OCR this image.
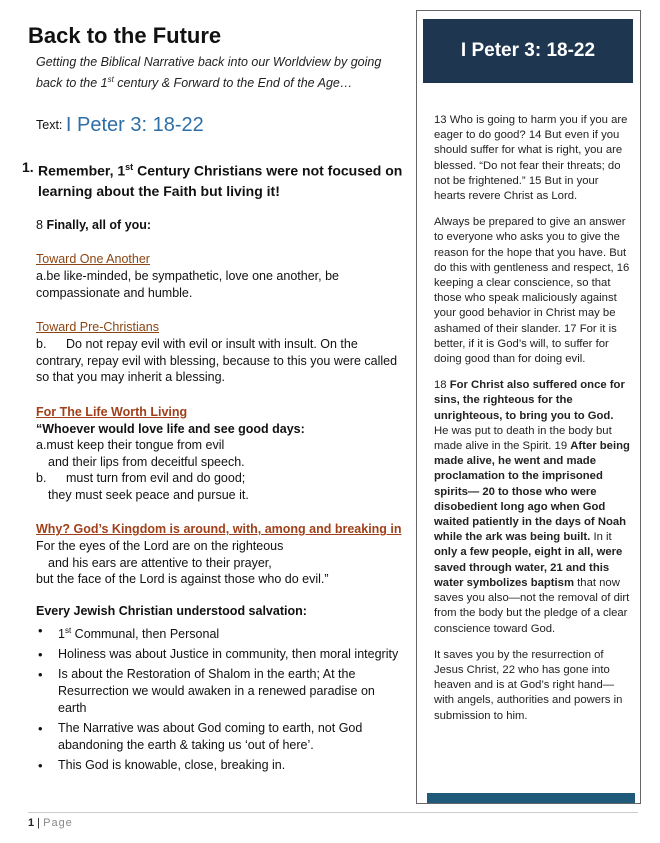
Back to the Future
Getting the Biblical Narrative back into our Worldview by going
back to the 1st century & Forward to the End of the Age…
Text: I Peter 3: 18-22
1. Remember, 1st Century Christians were not focused on learning about the Faith but living it!
8 Finally, all of you:
Toward One Another
a.be like-minded, be sympathetic, love one another, be compassionate and humble.
Toward Pre-Christians
b. Do not repay evil with evil or insult with insult. On the contrary, repay evil with blessing, because to this you were called so that you may inherit a blessing.
For The Life Worth Living
“Whoever would love life and see good days:
a.must keep their tongue from evil
and their lips from deceitful speech.
b. must turn from evil and do good;
they must seek peace and pursue it.
Why? God’s Kingdom is around, with, among and breaking in
For the eyes of the Lord are on the righteous
and his ears are attentive to their prayer,
but the face of the Lord is against those who do evil.”
Every Jewish Christian understood salvation:
• 1st Communal, then Personal
• Holiness was about Justice in community, then moral integrity
• Is about the Restoration of Shalom in the earth; At the Resurrection we would awaken in a renewed paradise on earth
• The Narrative was about God coming to earth, not God abandoning the earth & taking us ‘out of here’.
• This God is knowable, close, breaking in.
I Peter 3: 18-22

13 Who is going to harm you if you are eager to do good? 14 But even if you should suffer for what is right, you are blessed. “Do not fear their threats; do not be frightened.” 15 But in your hearts revere Christ as Lord.

Always be prepared to give an answer to everyone who asks you to give the reason for the hope that you have. But do this with gentleness and respect, 16 keeping a clear conscience, so that those who speak maliciously against your good behavior in Christ may be ashamed of their slander. 17 For it is better, if it is God’s will, to suffer for doing good than for doing evil.

18 For Christ also suffered once for sins, the righteous for the unrighteous, to bring you to God. He was put to death in the body but made alive in the Spirit. 19 After being made alive, he went and made proclamation to the imprisoned spirits— 20 to those who were disobedient long ago when God waited patiently in the days of Noah while the ark was being built. In it only a few people, eight in all, were saved through water, 21 and this water symbolizes baptism that now saves you also—not the removal of dirt from the body but the pledge of a clear conscience toward God.

It saves you by the resurrection of Jesus Christ, 22 who has gone into heaven and is at God’s right hand—with angels, authorities and powers in submission to him.

1 | Page
